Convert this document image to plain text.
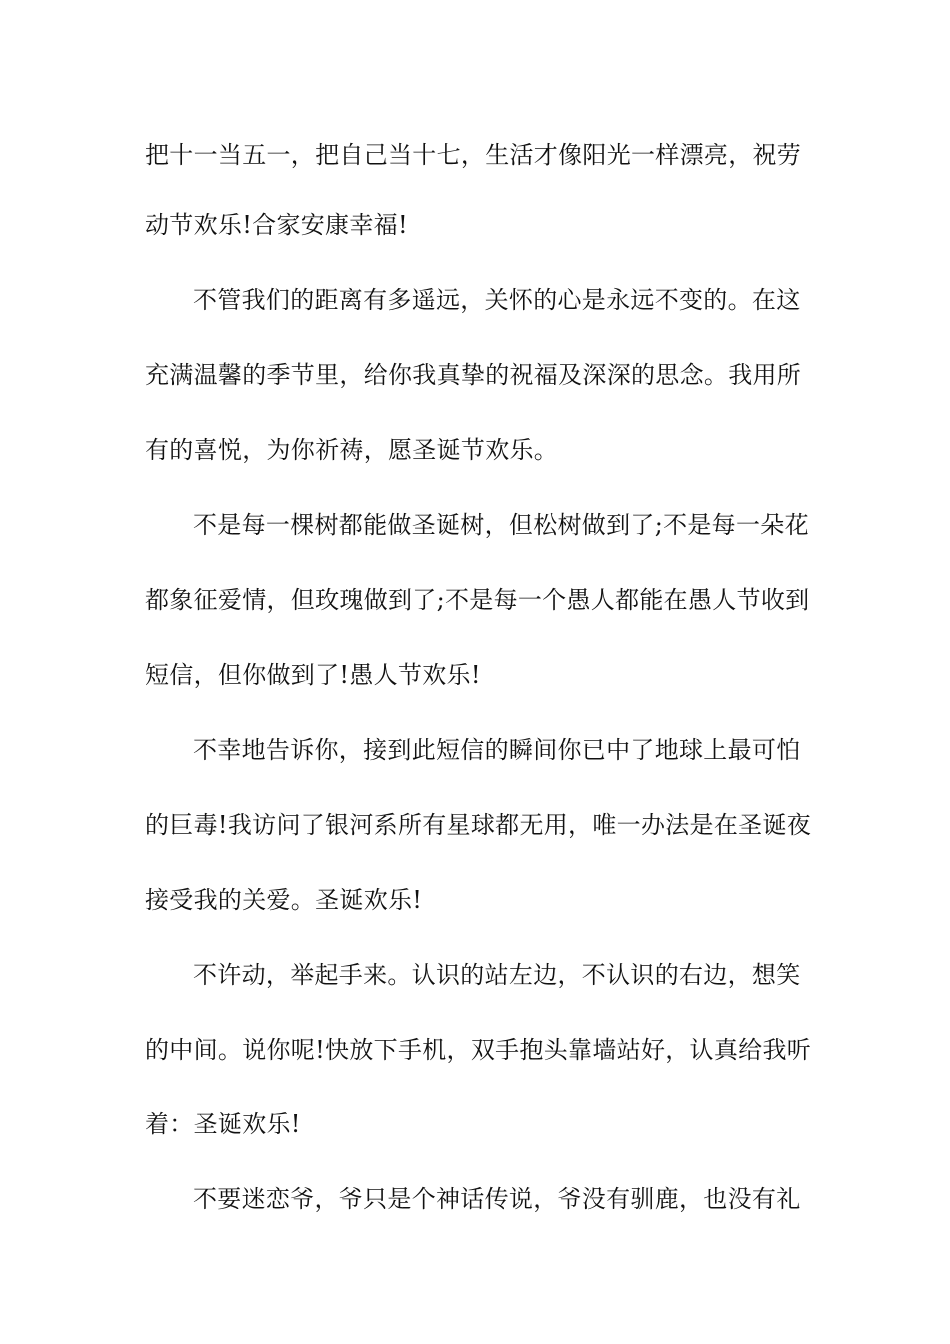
把十一当五一，把自己当十七，生活才像阳光一样漂亮，祝劳
动节欢乐!合家安康幸福!
不管我们的距离有多遥远，关怀的心是永远不变的。在这
充满温馨的季节里，给你我真挚的祝福及深深的思念。我用所
有的喜悦，为你祈祷，愿圣诞节欢乐。
不是每一棵树都能做圣诞树，但松树做到了;不是每一朵花
都象征爱情，但玫瑰做到了;不是每一个愚人都能在愚人节收到
短信，但你做到了!愚人节欢乐!
不幸地告诉你，接到此短信的瞬间你已中了地球上最可怕
的巨毒!我访问了银河系所有星球都无用，唯一办法是在圣诞夜
接受我的关爱。圣诞欢乐!
不许动，举起手来。认识的站左边，不认识的右边，想笑
的中间。说你呢!快放下手机，双手抱头靠墙站好，认真给我听
着：圣诞欢乐!
不要迷恋爷，爷只是个神话传说，爷没有驯鹿，也没有礼
